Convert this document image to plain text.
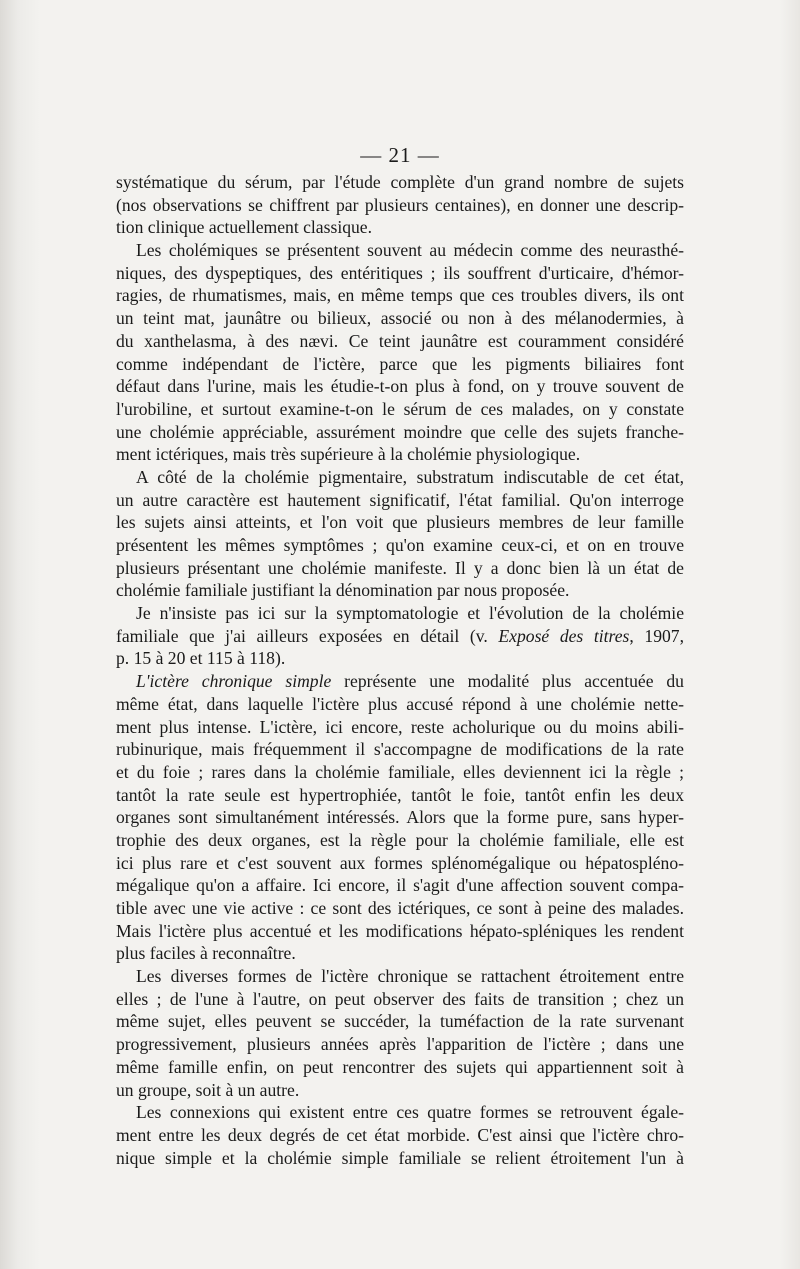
— 21 —
systématique du sérum, par l'étude complète d'un grand nombre de sujets
(nos observations se chiffrent par plusieurs centaines), en donner une descrip-
tion clinique actuellement classique.
Les cholémiques se présentent souvent au médecin comme des neurasthé-
niques, des dyspeptiques, des entéritiques ; ils souffrent d'urticaire, d'hémor-
ragies, de rhumatismes, mais, en même temps que ces troubles divers, ils ont
un teint mat, jaunâtre ou bilieux, associé ou non à des mélanodermies, à
du xanthelasma, à des nævi. Ce teint jaunâtre est couramment considéré
comme indépendant de l'ictère, parce que les pigments biliaires font
défaut dans l'urine, mais les étudie-t-on plus à fond, on y trouve souvent de
l'urobiline, et surtout examine-t-on le sérum de ces malades, on y constate
une cholémie appréciable, assurément moindre que celle des sujets franche-
ment ictériques, mais très supérieure à la cholémie physiologique.
A côté de la cholémie pigmentaire, substratum indiscutable de cet état,
un autre caractère est hautement significatif, l'état familial. Qu'on interroge
les sujets ainsi atteints, et l'on voit que plusieurs membres de leur famille
présentent les mêmes symptômes ; qu'on examine ceux-ci, et on en trouve
plusieurs présentant une cholémie manifeste. Il y a donc bien là un état de
cholémie familiale justifiant la dénomination par nous proposée.
Je n'insiste pas ici sur la symptomatologie et l'évolution de la cholémie
familiale que j'ai ailleurs exposées en détail (v. Exposé des titres, 1907,
p. 15 à 20 et 115 à 118).
L'ictère chronique simple représente une modalité plus accentuée du
même état, dans laquelle l'ictère plus accusé répond à une cholémie nette-
ment plus intense. L'ictère, ici encore, reste acholurique ou du moins abili-
rubinurique, mais fréquemment il s'accompagne de modifications de la rate
et du foie ; rares dans la cholémie familiale, elles deviennent ici la règle ;
tantôt la rate seule est hypertrophiée, tantôt le foie, tantôt enfin les deux
organes sont simultanément intéressés. Alors que la forme pure, sans hyper-
trophie des deux organes, est la règle pour la cholémie familiale, elle est
ici plus rare et c'est souvent aux formes splénomégalique ou hépatosplénо-
mégalique qu'on a affaire. Ici encore, il s'agit d'une affection souvent compa-
tible avec une vie active : ce sont des ictériques, ce sont à peine des malades.
Mais l'ictère plus accentué et les modifications hépato-spléniques les rendent
plus faciles à reconnaître.
Les diverses formes de l'ictère chronique se rattachent étroitement entre
elles ; de l'une à l'autre, on peut observer des faits de transition ; chez un
même sujet, elles peuvent se succéder, la tuméfaction de la rate survenant
progressivement, plusieurs années après l'apparition de l'ictère ; dans une
même famille enfin, on peut rencontrer des sujets qui appartiennent soit à
un groupe, soit à un autre.
Les connexions qui existent entre ces quatre formes se retrouvent égale-
ment entre les deux degrés de cet état morbide. C'est ainsi que l'ictère chro-
nique simple et la cholémie simple familiale se relient étroitement l'un à
